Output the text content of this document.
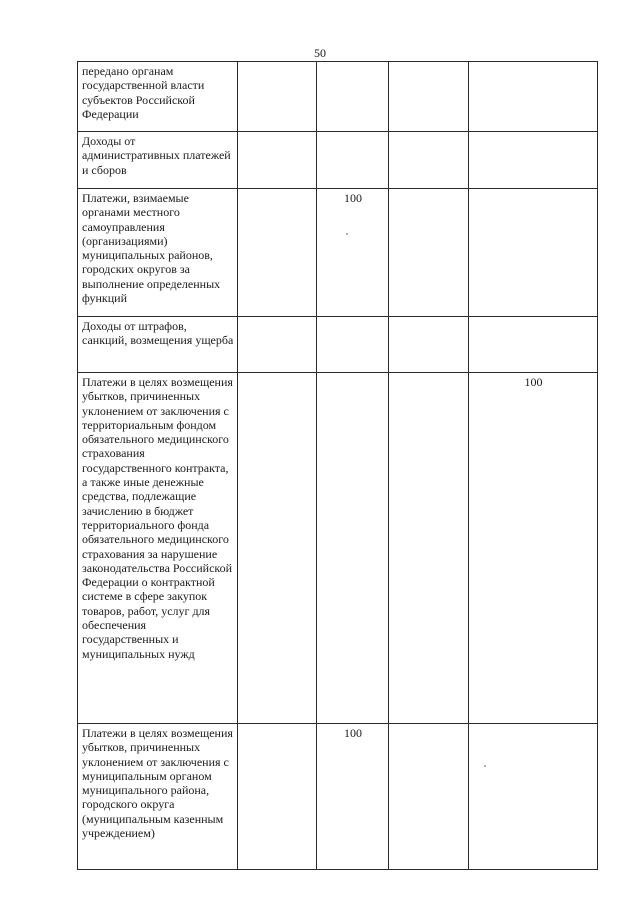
50
передано органам государственной власти субъектов Российской Федерации				
Доходы от административных платежей и сборов				
Платежи, взимаемые органами местного самоуправления (организациями) муниципальных районов, городских округов за выполнение определенных функций		100		
Доходы от штрафов, санкций, возмещения ущерба				
Платежи в целях возмещения убытков, причиненных уклонением от заключения с территориальным фондом обязательного медицинского страхования государственного контракта, а также иные денежные средства, подлежащие зачислению в бюджет территориального фонда обязательного медицинского страхования за нарушение законодательства Российской Федерации о контрактной системе в сфере закупок товаров, работ, услуг для обеспечения государственных и муниципальных нужд				100
Платежи в целях возмещения убытков, причиненных уклонением от заключения с муниципальным органом муниципального района, городского округа (муниципальным казенным учреждением)		100		
